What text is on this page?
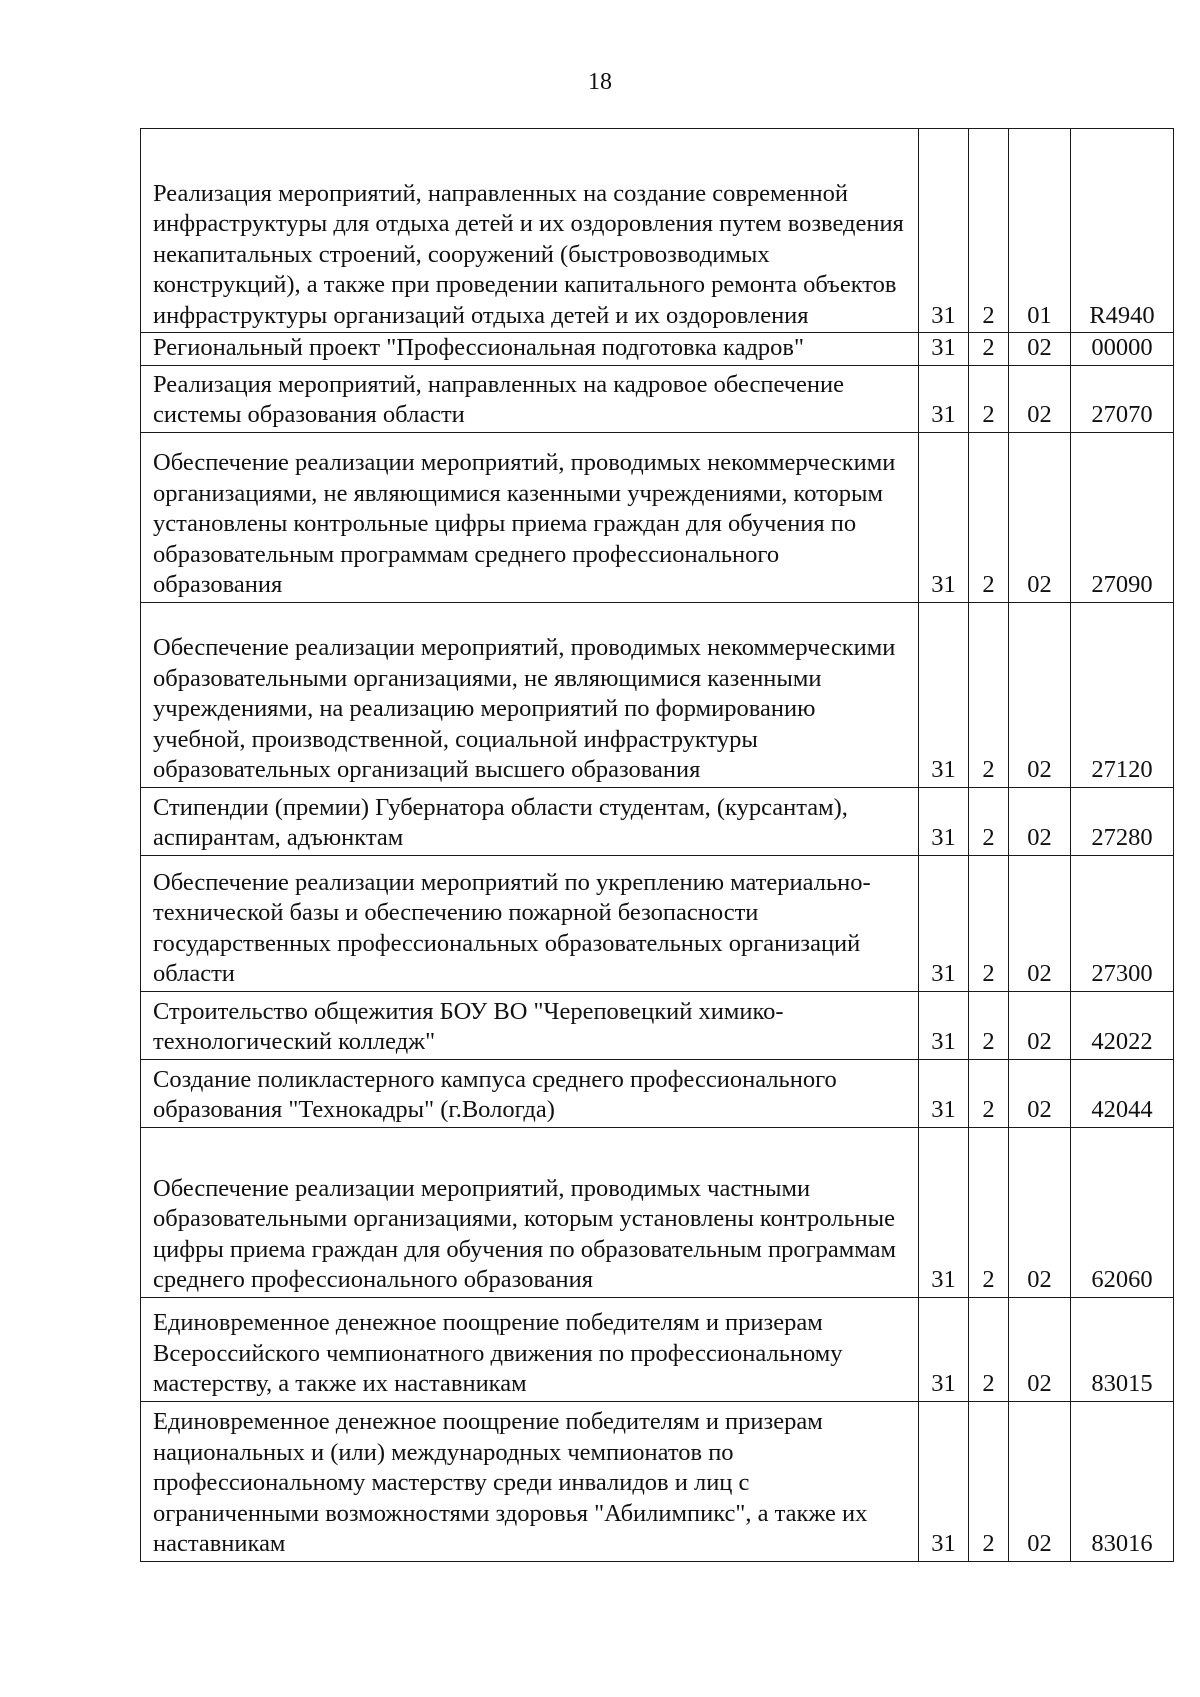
18
Реализация мероприятий, направленных на создание современной инфраструктуры для отдыха детей и их оздоровления путем возведения некапитальных строений, сооружений (быстровозводимых конструкций), а также при проведении капитального ремонта объектов инфраструктуры организаций отдыха детей и их оздоровления	31	2	01	R4940
Региональный проект "Профессиональная подготовка кадров"	31	2	02	00000
Реализация мероприятий, направленных на кадровое обеспечение системы образования области	31	2	02	27070
Обеспечение реализации мероприятий, проводимых некоммерческими организациями, не являющимися казенными учреждениями, которым установлены контрольные цифры приема граждан для обучения по образовательным программам среднего профессионального образования	31	2	02	27090
Обеспечение реализации мероприятий, проводимых некоммерческими образовательными организациями, не являющимися казенными учреждениями, на реализацию мероприятий по формированию учебной, производственной, социальной инфраструктуры образовательных организаций высшего образования	31	2	02	27120
Стипендии (премии) Губернатора области студентам, (курсантам), аспирантам, адъюнктам	31	2	02	27280
Обеспечение реализации мероприятий по укреплению материально-технической базы и обеспечению пожарной безопасности государственных профессиональных образовательных организаций области	31	2	02	27300
Строительство общежития БОУ ВО "Череповецкий химико-технологический колледж"	31	2	02	42022
Создание поликластерного кампуса среднего профессионального образования "Технокадры" (г.Вологда)	31	2	02	42044
Обеспечение реализации мероприятий, проводимых частными образовательными организациями, которым установлены контрольные цифры приема граждан для обучения по образовательным программам среднего профессионального образования	31	2	02	62060
Единовременное денежное поощрение победителям и призерам Всероссийского чемпионатного движения по профессиональному мастерству, а также их наставникам	31	2	02	83015
Единовременное денежное поощрение победителям и призерам национальных и (или) международных чемпионатов по профессиональному мастерству среди инвалидов и лиц с ограниченными возможностями здоровья "Абилимпикс", а также их наставникам	31	2	02	83016
